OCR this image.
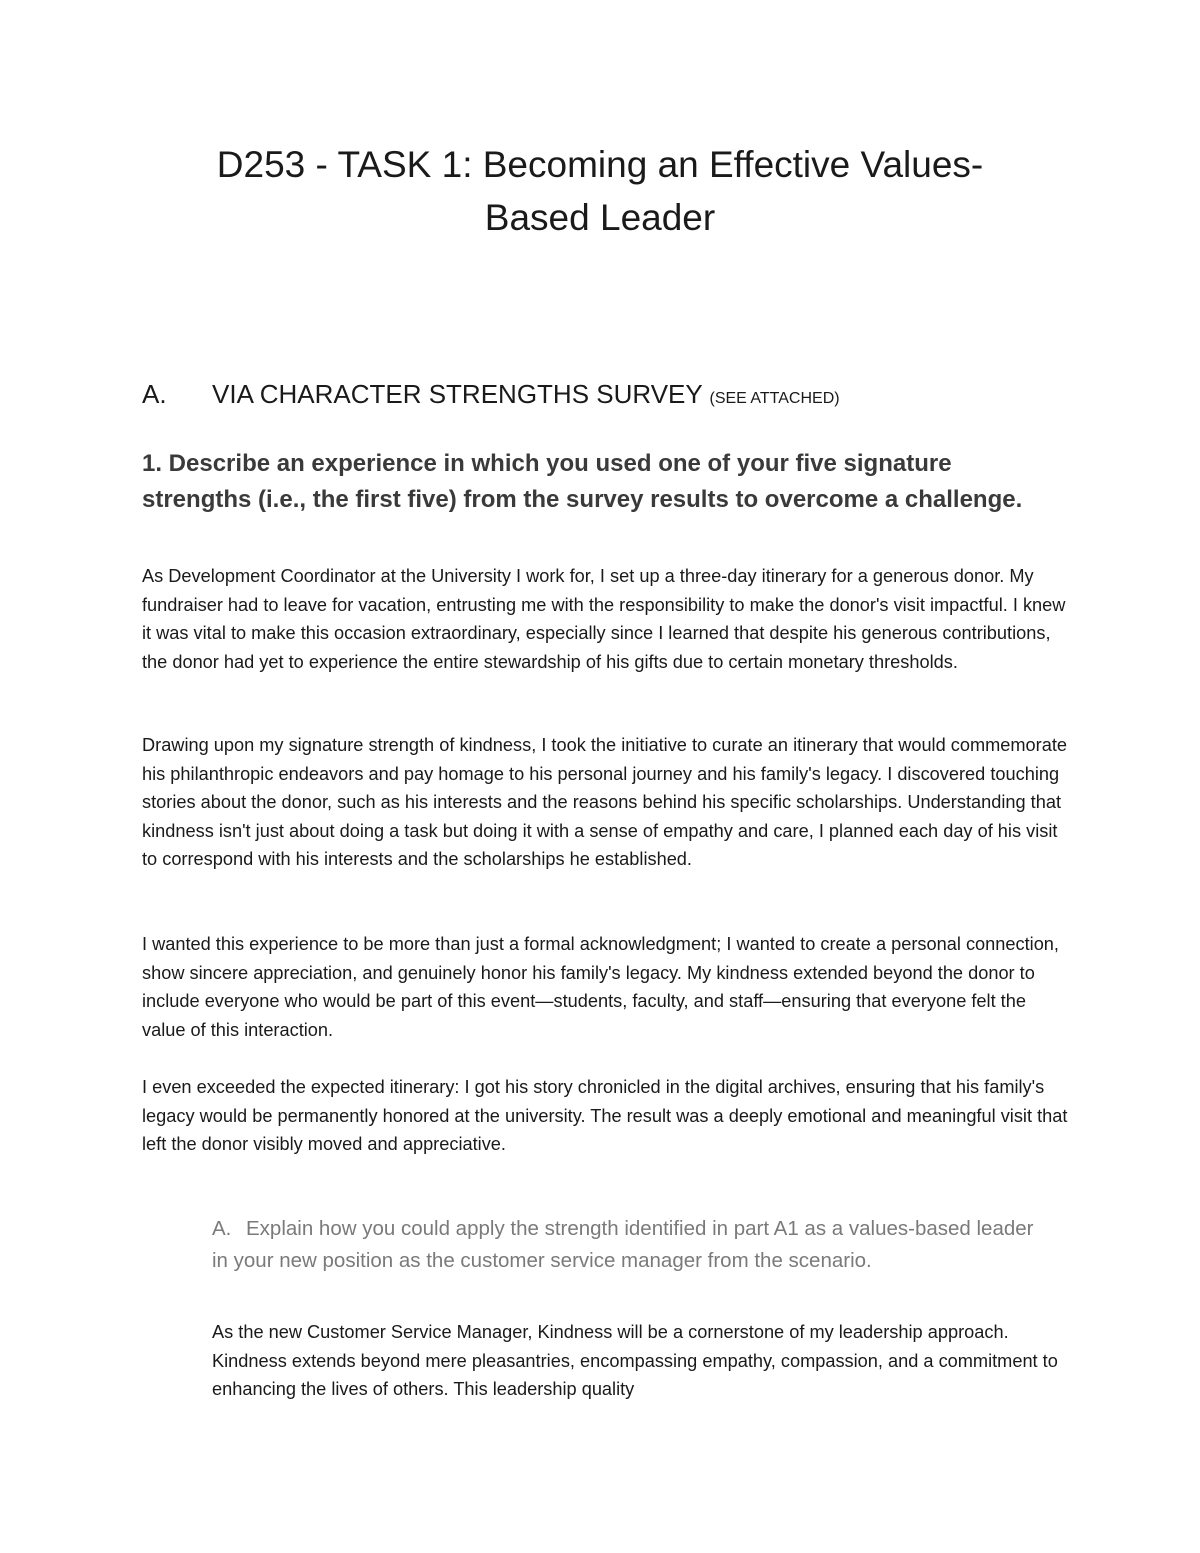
D253 - TASK 1: Becoming an Effective Values-
Based Leader
A. VIA CHARACTER STRENGTHS SURVEY (SEE ATTACHED)

1. Describe an experience in which you used one of your five signature strengths (i.e., the first five) from the survey results to overcome a challenge.

As Development Coordinator at the University I work for, I set up a three-day itinerary for a generous donor. My fundraiser had to leave for vacation, entrusting me with the responsibility to make the donor's visit impactful. I knew it was vital to make this occasion extraordinary, especially since I learned that despite his generous contributions, the donor had yet to experience the entire stewardship of his gifts due to certain monetary thresholds.

Drawing upon my signature strength of kindness, I took the initiative to curate an itinerary that would commemorate his philanthropic endeavors and pay homage to his personal journey and his family's legacy. I discovered touching stories about the donor, such as his interests and the reasons behind his specific scholarships. Understanding that kindness isn't just about doing a task but doing it with a sense of empathy and care, I planned each day of his visit to correspond with his interests and the scholarships he established.

I wanted this experience to be more than just a formal acknowledgment; I wanted to create a personal connection, show sincere appreciation, and genuinely honor his family's legacy. My kindness extended beyond the donor to include everyone who would be part of this event—students, faculty, and staff—ensuring that everyone felt the value of this interaction.

I even exceeded the expected itinerary: I got his story chronicled in the digital archives, ensuring that his family's legacy would be permanently honored at the university. The result was a deeply emotional and meaningful visit that left the donor visibly moved and appreciative.

A. Explain how you could apply the strength identified in part A1 as a values-based leader in your new position as the customer service manager from the scenario.

As the new Customer Service Manager, Kindness will be a cornerstone of my leadership approach. Kindness extends beyond mere pleasantries, encompassing empathy, compassion, and a commitment to enhancing the lives of others. This leadership quality
